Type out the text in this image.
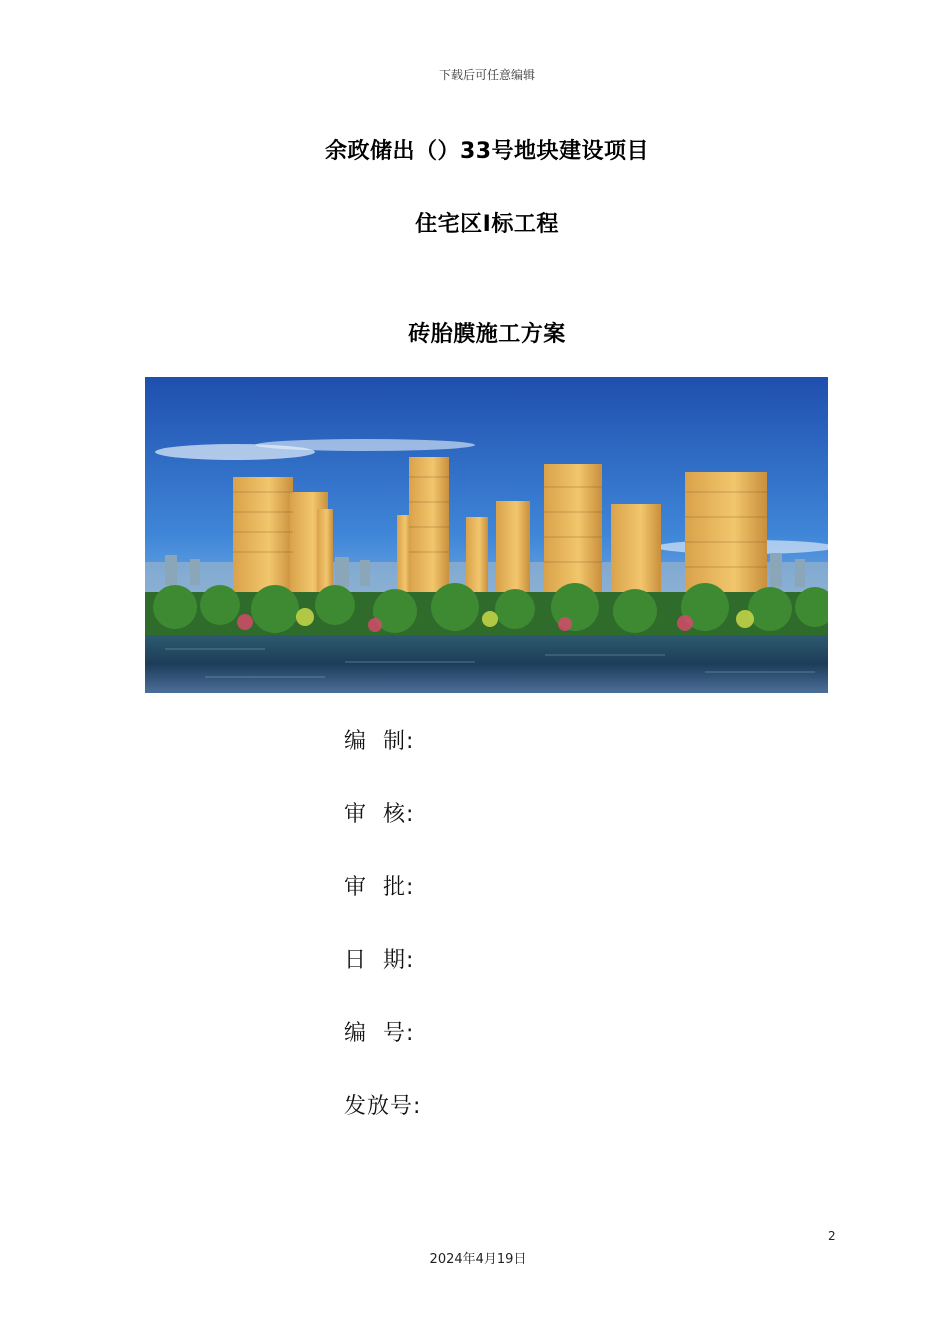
下载后可任意编辑
余政储出（）33号地块建设项目
住宅区Ⅰ标工程
砖胎膜施工方案
编  制:
审  核:
审  批:
日  期:
编  号:
发放号:
2
2024年4月19日
